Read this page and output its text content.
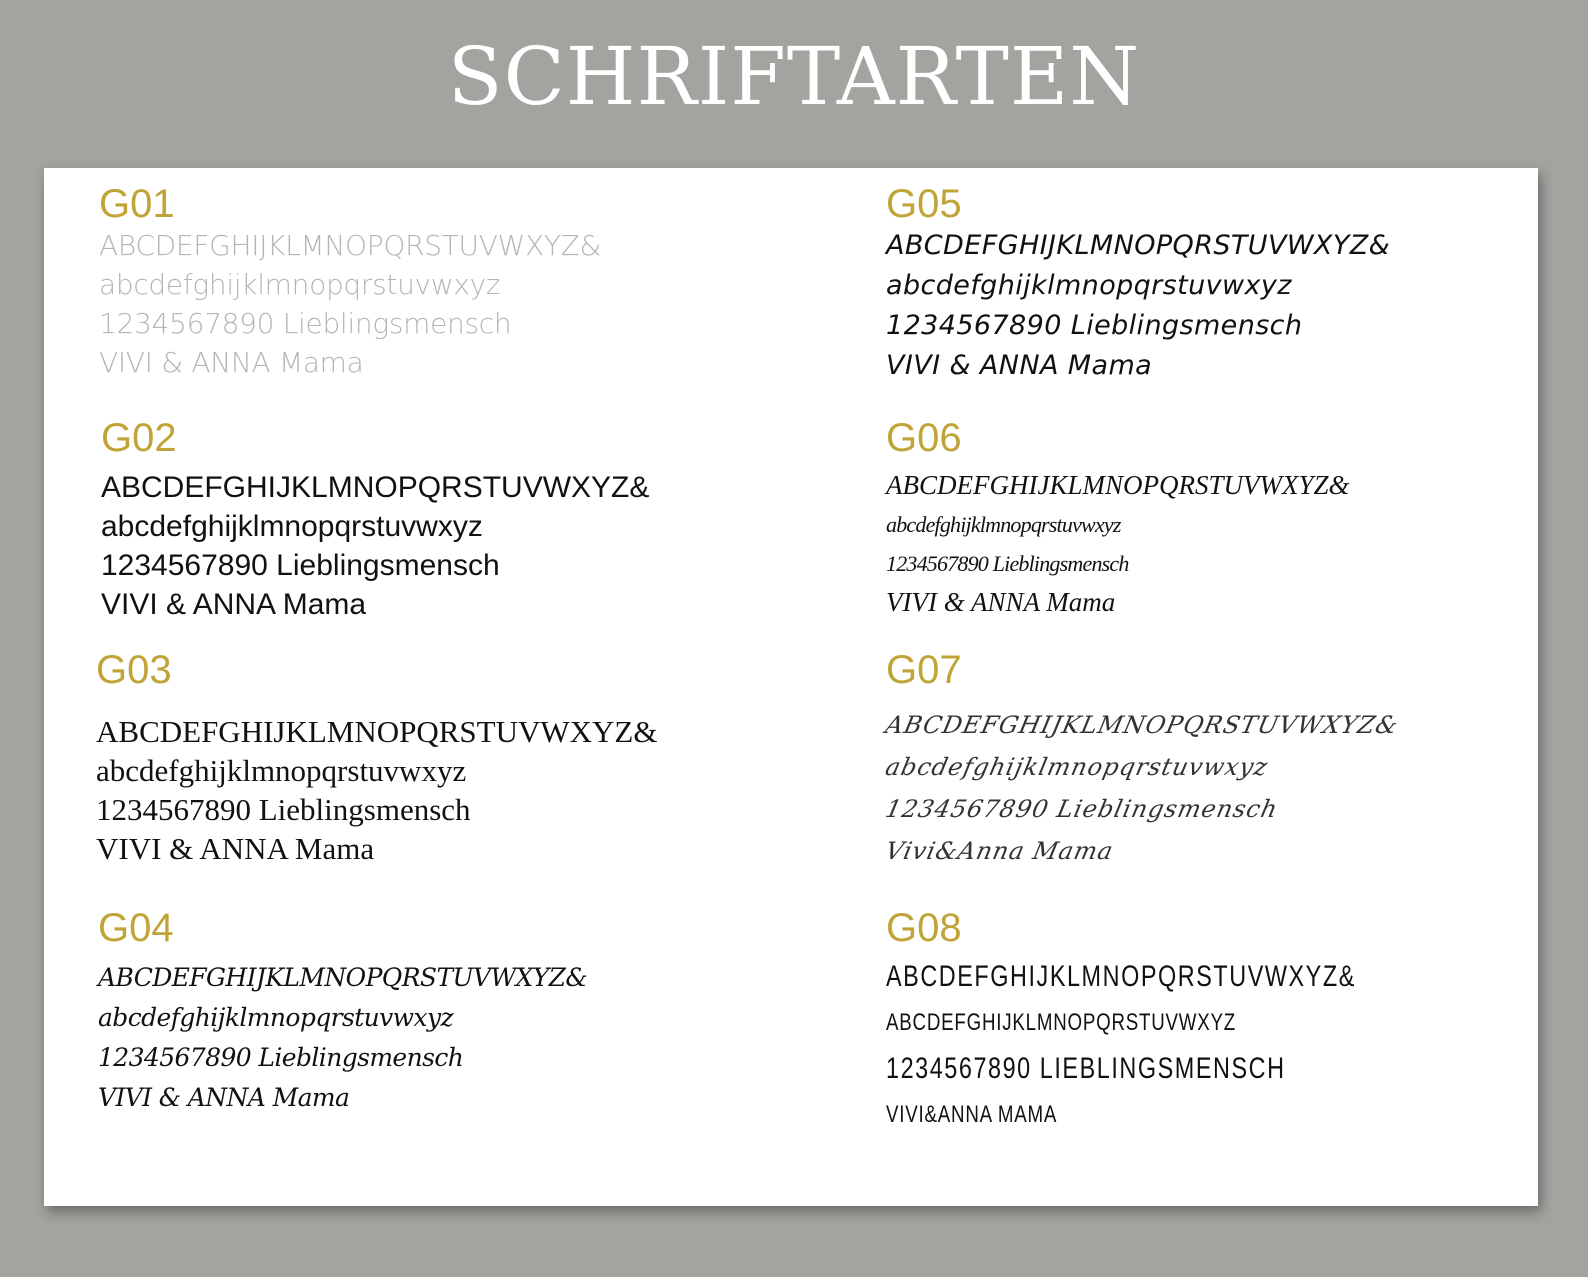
SCHRIFTARTEN
G01
ABCDEFGHIJKLMNOPQRSTUVWXYZ&
abcdefghijklmnopqrstuvwxyz
1234567890 Lieblingsmensch
VIVI & ANNA Mama
G02
ABCDEFGHIJKLMNOPQRSTUVWXYZ&
abcdefghijklmnopqrstuvwxyz
1234567890 Lieblingsmensch
VIVI & ANNA Mama
G03
ABCDEFGHIJKLMNOPQRSTUVWXYZ&
abcdefghijklmnopqrstuvwxyz
1234567890 Lieblingsmensch
VIVI & ANNA Mama
G04
ABCDEFGHIJKLMNOPQRSTUVWXYZ&
abcdefghijklmnopqrstuvwxyz
1234567890 Lieblingsmensch
VIVI & ANNA Mama
G05
ABCDEFGHIJKLMNOPQRSTUVWXYZ&
abcdefghijklmnopqrstuvwxyz
1234567890 Lieblingsmensch
VIVI & ANNA Mama
G06
ABCDEFGHIJKLMNOPQRSTUVWXYZ&
abcdefghijklmnopqrstuvwxyz
1234567890 Lieblingsmensch
VIVI & ANNA Mama
G07
ABCDEFGHIJKLMNOPQRSTUVWXYZ&
abcdefghijklmnopqrstuvwxyz
1234567890 Lieblingsmensch
Vivi&Anna Mama
G08
ABCDEFGHIJKLMNOPQRSTUVWXYZ&
ABCDEFGHIJKLMNOPQRSTUVWXYZ
1234567890 LIEBLINGSMENSCH
VIVI&ANNA MAMA
